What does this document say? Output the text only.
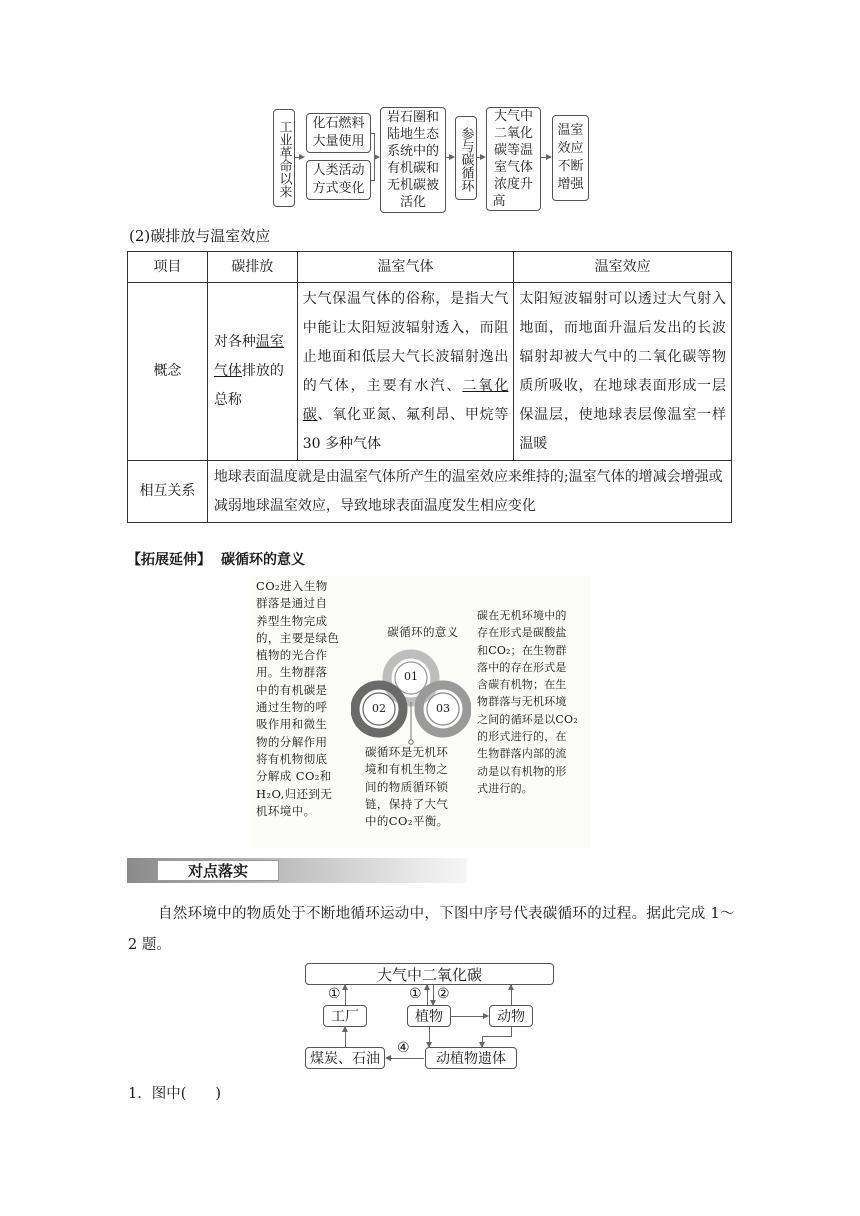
工业革命以来 化石燃料大量使用
人类活动方式变化
岩石圈和
陆地生态
系统中的
有机碳和
无机碳被
活化
参与碳循环
大气中
二氧化
碳等温
室气体
浓度升
高
温室
效应
不断
增强
(2)碳排放与温室效应
项目	碳排放	温室气体	温室效应
概念	对各种温室气体排放的总称	大气保温气体的俗称，是指大气中能让太阳短波辐射透入，而阻止地面和低层大气长波辐射逸出的气体，主要有水汽、二氧化碳、氧化亚氮、氟利昂、甲烷等 30 多种气体	太阳短波辐射可以透过大气射入地面，而地面升温后发出的长波辐射却被大气中的二氧化碳等物质所吸收，在地球表面形成一层保温层，使地球表层像温室一样温暖
相互关系	地球表面温度就是由温室气体所产生的温室效应来维持的;温室气体的增减会增强或减弱地球温室效应，导致地球表面温度发生相应变化		
【拓展延伸】 碳循环的意义
CO₂进入生物
群落是通过自
养型生物完成
的，主要是绿色
植物的光合作
用。生物群落
中的有机碳是
通过生物的呼
吸作用和微生
物的分解作用
将有机物彻底
分解成 CO₂和
H₂O,归还到无
机环境中。
碳循环的意义
01
02	03
碳循环是无机环
境和有机生物之
间的物质循环锁
链，保持了大气
中的CO₂平衡。
碳在无机环境中的
存在形式是碳酸盐
和CO₂；在生物群
落中的存在形式是
含碳有机物；在生
物群落与无机环境
之间的循环是以CO₂
的形式进行的，在
生物群落内部的流
动是以有机物的形
式进行的。
对点落实
自然环境中的物质处于不断地循环运动中，下图中序号代表碳循环的过程。据此完成 1～
2 题。
大气中二氧化碳
工厂	植物	动物
煤炭、石油	动植物遗体
①	① ②
④
1．图中(　　)
